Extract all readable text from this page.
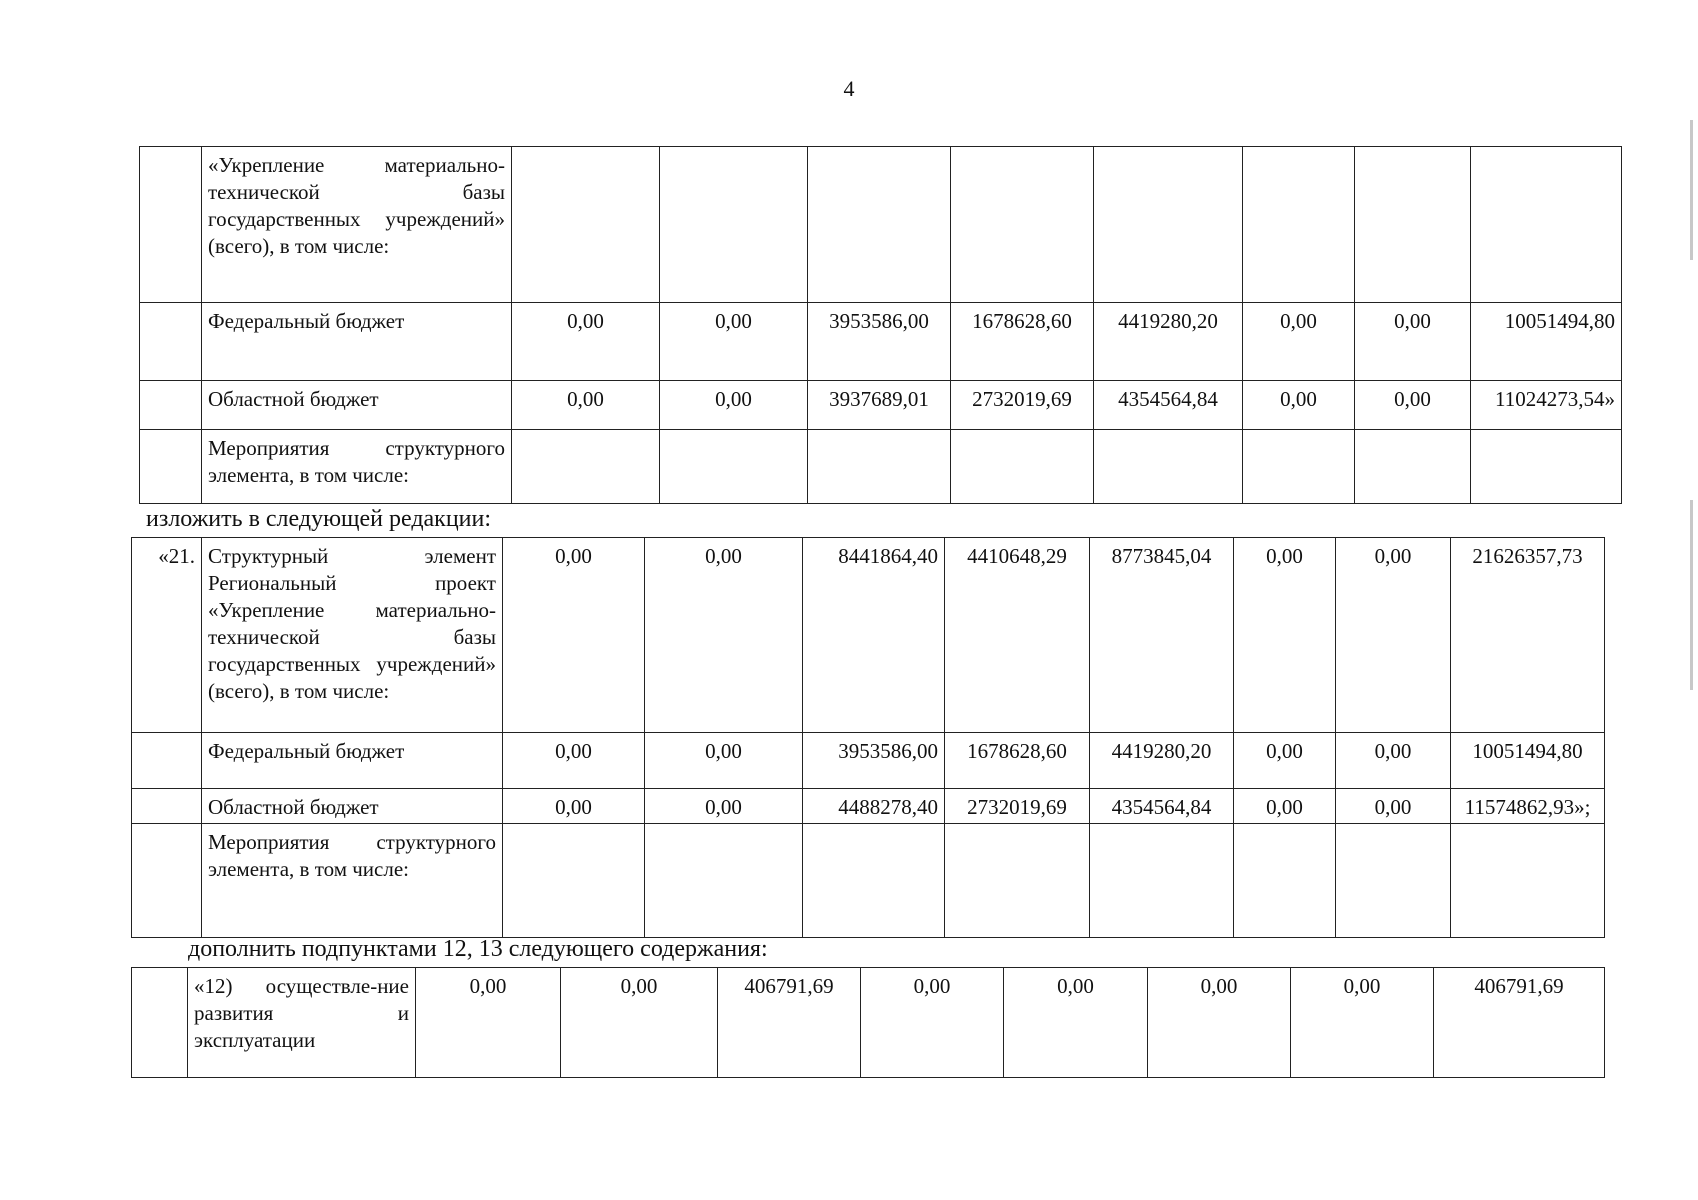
4
	«Укрепление материально-технической базы государственных учреждений» (всего), в том числе:								
	Федеральный бюджет	0,00	0,00	3953586,00	1678628,60	4419280,20	0,00	0,00	10051494,80
	Областной бюджет	0,00	0,00	3937689,01	2732019,69	4354564,84	0,00	0,00	11024273,54»
	Мероприятия структурного элемента, в том числе:								
изложить в следующей редакции:
«21.	Структурный элемент Региональный проект «Укрепление материально-технической базы государственных учреждений» (всего), в том числе:	0,00	0,00	8441864,40	4410648,29	8773845,04	0,00	0,00	21626357,73
	Федеральный бюджет	0,00	0,00	3953586,00	1678628,60	4419280,20	0,00	0,00	10051494,80
	Областной бюджет	0,00	0,00	4488278,40	2732019,69	4354564,84	0,00	0,00	11574862,93»;
	Мероприятия структурного элемента, в том числе:								
дополнить подпунктами 12, 13 следующего содержания:
	«12) осуществле-ние развития и эксплуатации	0,00	0,00	406791,69	0,00	0,00	0,00	0,00	406791,69
